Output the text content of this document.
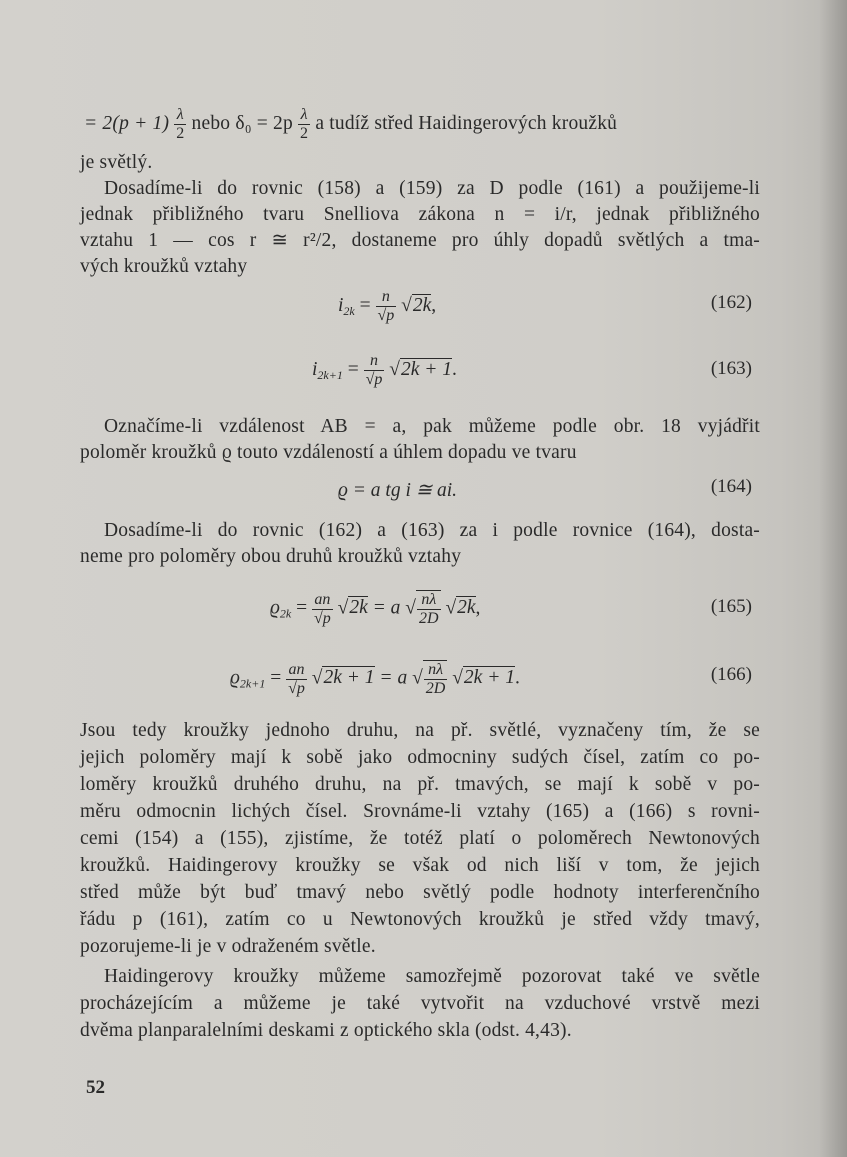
= $2(p + 1) \frac{\lambda}{2}$ nebo $\delta_0 = 2p \frac{\lambda}{2}$ a tudíž střed Haidingerových kroužků
je světlý.
Dosadíme-li do rovnic (158) a (159) za D podle (161) a použijeme-li
jednak přibližného tvaru Snelliova zákona n = i/r, jednak přibližného
vztahu 1 — cos r ≅ r²/2, dostaneme pro úhly dopadů světlých a tma-
vých kroužků vztahy
$i_{2k} = \frac{n}{√p} √2k$,	(162)
$i_{2k+1} = \frac{n}{√p} √2k + 1$.	(163)
Označíme-li vzdálenost AB = a, pak můžeme podle obr. 18 vyjádřit
poloměr kroužků ϱ touto vzdáleností a úhlem dopadu ve tvaru
ϱ = a tg i ≅ ai.	(164)
Dosadíme-li do rovnic (162) a (163) za i podle rovnice (164), dosta-
neme pro poloměry obou druhů kroužků vztahy
$ϱ_{2k} = \frac{an}{√p} √2k = a$ √ $\frac{n\lambda}{2D} √2k$,	(165)
$ϱ_{2k+1} = \frac{an}{√p} √2k + 1 = a$ √ $\frac{n\lambda}{2D} √2k + 1$.	(166)
Jsou tedy kroužky jednoho druhu, na př. světlé, vyznačeny tím, že se
jejich poloměry mají k sobě jako odmocniny sudých čísel, zatím co po-
loměry kroužků druhého druhu, na př. tmavých, se mají k sobě v po-
měru odmocnin lichých čísel. Srovnáme-li vztahy (165) a (166) s rovni-
cemi (154) a (155), zjistíme, že totéž platí o poloměrech Newtonových
kroužků. Haidingerovy kroužky se však od nich liší v tom, že jejich
střed může být buď tmavý nebo světlý podle hodnoty interferenčního
řádu p (161), zatím co u Newtonových kroužků je střed vždy tmavý,
pozorujeme-li je v odraženém světle.
Haidingerovy kroužky můžeme samozřejmě pozorovat také ve světle
procházejícím a můžeme je také vytvořit na vzduchové vrstvě mezi
dvěma planparalelními deskami z optického skla (odst. 4,43).
52
